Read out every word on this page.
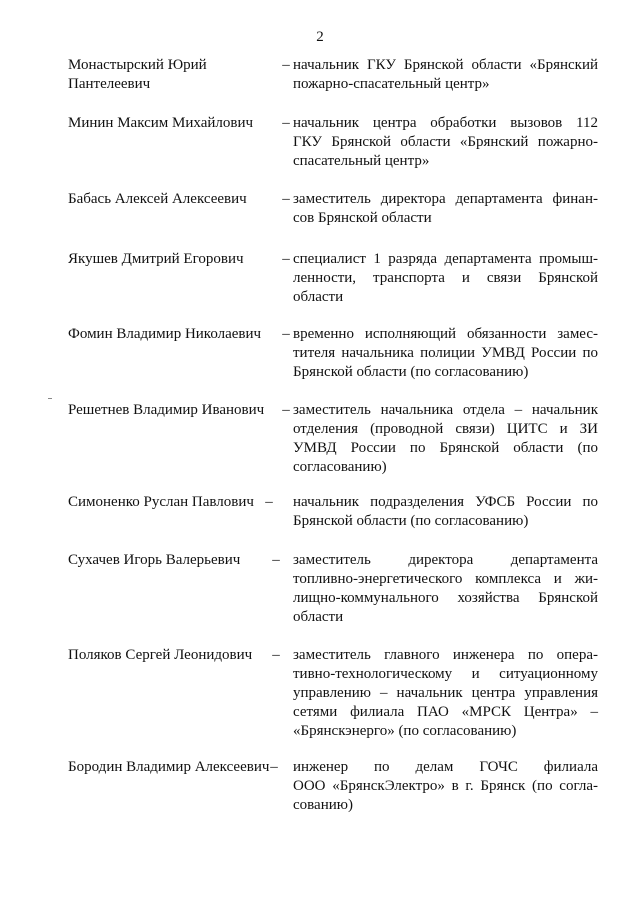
2
Монастырский Юрий
Пантелеевич
– начальник ГКУ Брянской области «Брянский
пожарно-спасательный центр»
Минин Максим Михайлович	– начальник центра обработки вызовов 112
ГКУ Брянской области «Брянский пожарно-
спасательный центр»
Бабась Алексей Алексеевич	– заместитель директора департамента финан-
сов Брянской области
Якушев Дмитрий Егорович	– специалист 1 разряда департамента промыш-
ленности, транспорта и связи Брянской
области
Фомин Владимир Николаевич	– временно исполняющий обязанности замес-
тителя начальника полиции УМВД России по
Брянской области (по согласованию)
Решетнев Владимир Иванович	– заместитель начальника отдела – начальник
отделения (проводной связи) ЦИТС и ЗИ
УМВД России по Брянской области (по
согласованию)
Симоненко Руслан Павлович – начальник подразделения УФСБ России по
Брянской области (по согласованию)
Сухачев Игорь Валерьевич	– заместитель директора департамента
топливно-энергетического комплекса и жи-
лищно-коммунального хозяйства Брянской
области
Поляков Сергей Леонидович	– заместитель главного инженера по опера-
тивно-технологическому и ситуационному
управлению – начальник центра управления
сетями филиала ПАО «МРСК Центра» –
«Брянскэнерго» (по согласованию)
Бородин Владимир Алексеевич – инженер по делам ГОЧС филиала
ООО «БрянскЭлектро» в г. Брянск (по согла-
сованию)
